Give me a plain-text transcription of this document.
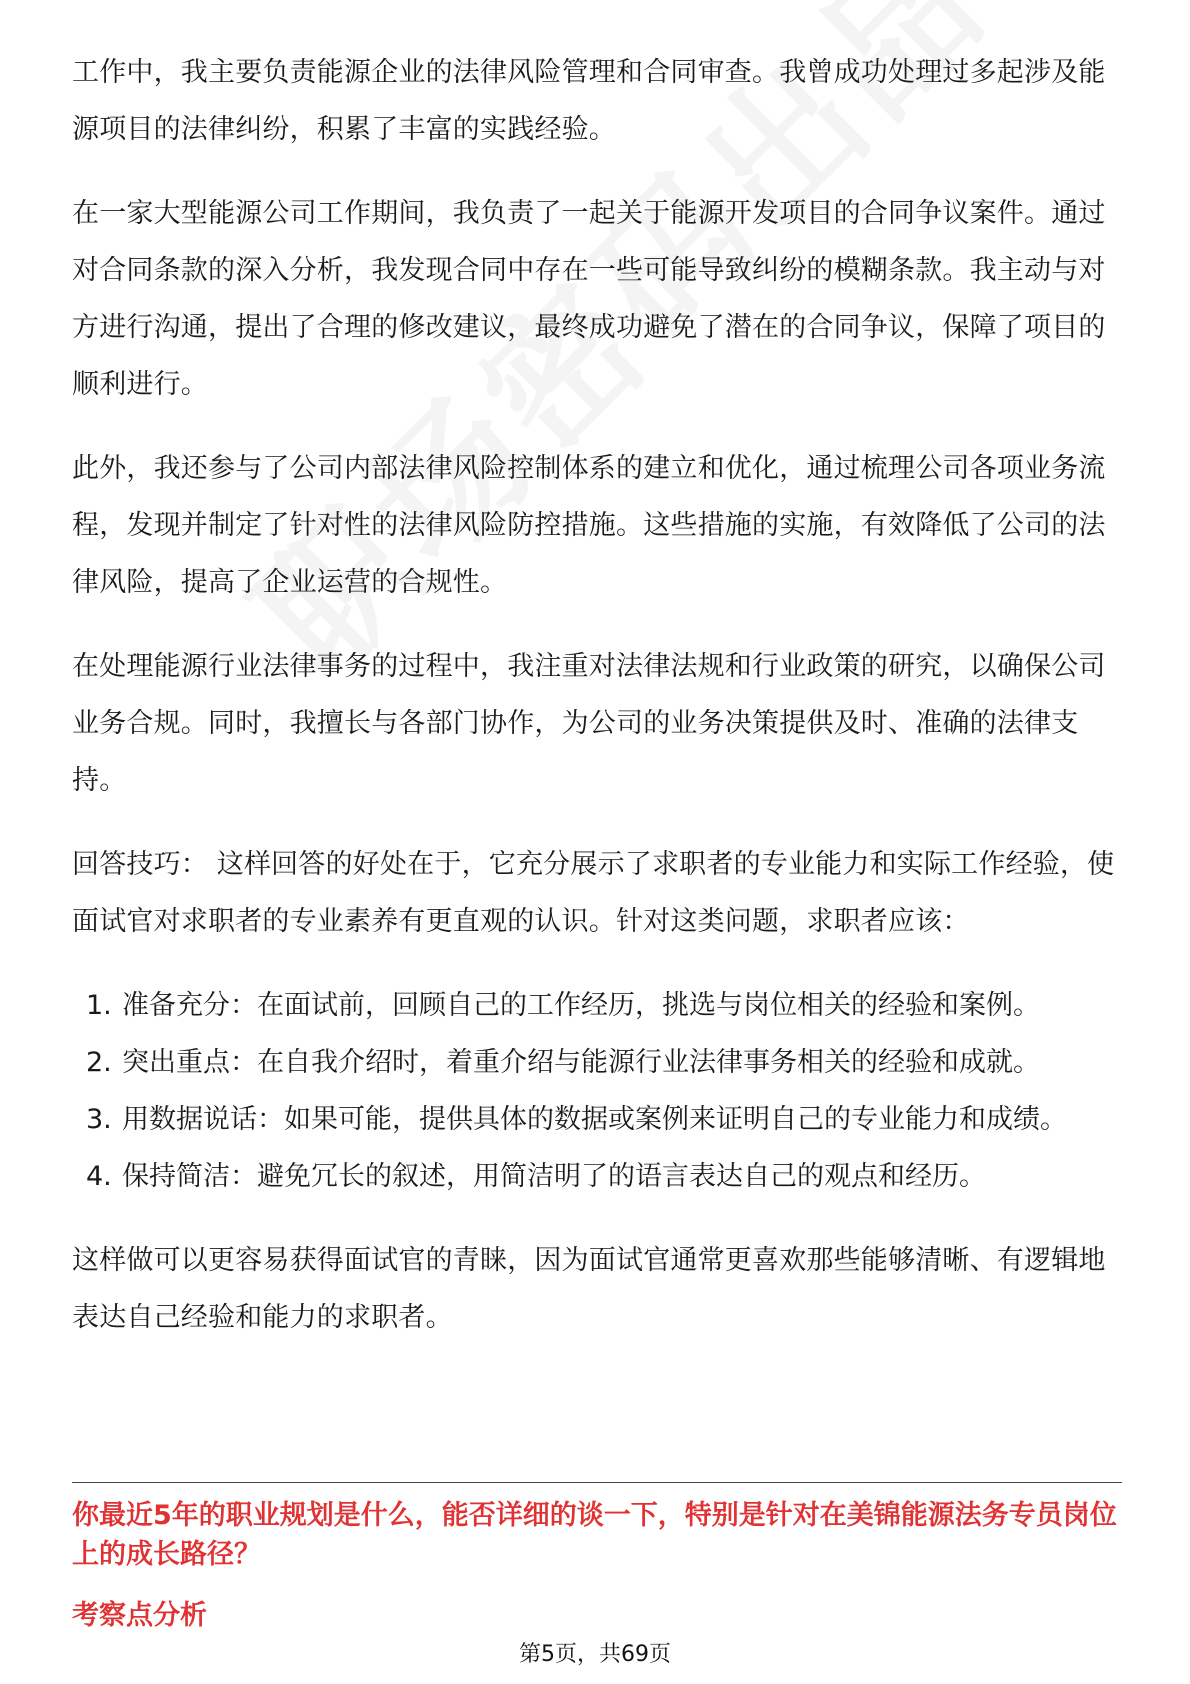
工作中，我主要负责能源企业的法律风险管理和合同审查。我曾成功处理过多起涉及能源项目的法律纠纷，积累了丰富的实践经验。

在一家大型能源公司工作期间，我负责了一起关于能源开发项目的合同争议案件。通过对合同条款的深入分析，我发现合同中存在一些可能导致纠纷的模糊条款。我主动与对方进行沟通，提出了合理的修改建议，最终成功避免了潜在的合同争议，保障了项目的顺利进行。

此外，我还参与了公司内部法律风险控制体系的建立和优化，通过梳理公司各项业务流程，发现并制定了针对性的法律风险防控措施。这些措施的实施，有效降低了公司的法律风险，提高了企业运营的合规性。

在处理能源行业法律事务的过程中，我注重对法律法规和行业政策的研究，以确保公司业务合规。同时，我擅长与各部门协作，为公司的业务决策提供及时、准确的法律支持。

回答技巧： 这样回答的好处在于，它充分展示了求职者的专业能力和实际工作经验，使面试官对求职者的专业素养有更直观的认识。针对这类问题，求职者应该：

1. 准备充分：在面试前，回顾自己的工作经历，挑选与岗位相关的经验和案例。
2. 突出重点：在自我介绍时，着重介绍与能源行业法律事务相关的经验和成就。
3. 用数据说话：如果可能，提供具体的数据或案例来证明自己的专业能力和成绩。
4. 保持简洁：避免冗长的叙述，用简洁明了的语言表达自己的观点和经历。

这样做可以更容易获得面试官的青睐，因为面试官通常更喜欢那些能够清晰、有逻辑地表达自己经验和能力的求职者。

你最近5年的职业规划是什么，能否详细的谈一下，特别是针对在美锦能源法务专员岗位上的成长路径？
考察点分析
第5页，共69页
